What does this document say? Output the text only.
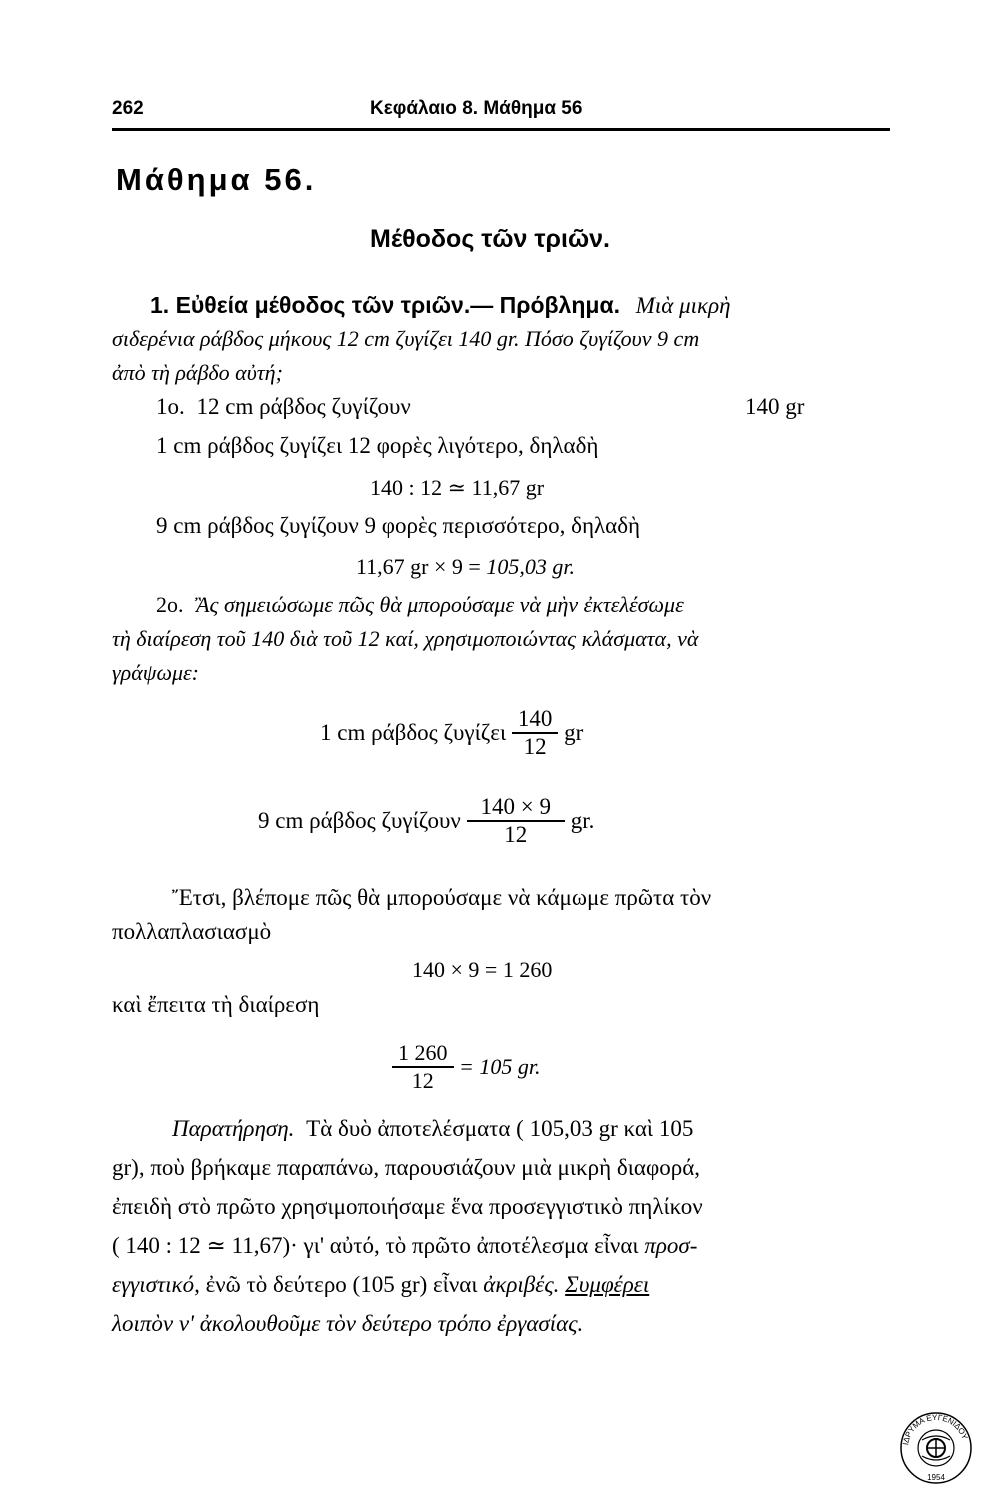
262	Κεφάλαιο 8. Μάθημα 56
Μάθημα 56.
Μέθοδος τῶν τριῶν.
1. Εὐθεία μέθοδος τῶν τριῶν.— Πρόβλημα. Μιὰ μικρὴ
σιδερένια ράβδος μήκους 12 cm ζυγίζει 140 gr. Πόσο ζυγίζουν 9 cm
ἀπὸ τὴ ράβδο αὐτή;
1ο. 12 cm ράβδος ζυγίζουν	140 gr
1 cm ράβδος ζυγίζει 12 φορὲς λιγότερο, δηλαδὴ
140 : 12 ≃ 11,67 gr
9 cm ράβδος ζυγίζουν 9 φορὲς περισσότερο, δηλαδὴ
11,67 gr × 9 = 105,03 gr.
2ο. Ἂς σημειώσωμε πῶς θὰ μπορούσαμε νὰ μὴν ἐκτελέσωμε
τὴ διαίρεση τοῦ 140 διὰ τοῦ 12 καί, χρησιμοποιώντας κλάσματα, νὰ
γράψωμε:
1 cm ράβδος ζυγίζει $\frac{140}{12}$ gr
9 cm ράβδος ζυγίζουν $\frac{140 \times 9}{12}$ gr.
Ἔτσι, βλέπομε πῶς θὰ μπορούσαμε νὰ κάμωμε πρῶτα τὸν
πολλαπλασιασμὸ
140 × 9 = 1 260
καὶ ἔπειτα τὴ διαίρεση
$\frac{1 260}{12} = 105$ gr.
Παρατήρηση. Τὰ δυὸ ἀποτελέσματα ( 105,03 gr καὶ 105
gr), ποὺ βρήκαμε παραπάνω, παρουσιάζουν μιὰ μικρὴ διαφορά,
ἐπειδὴ στὸ πρῶτο χρησιμοποιήσαμε ἕνα προσεγγιστικὸ πηλίκον
( 140 : 12 ≃ 11,67)· γι' αὐτό, τὸ πρῶτο ἀποτέλεσμα εἶναι προσ-
εγγιστικό, ἐνῶ τὸ δεύτερο (105 gr) εἶναι ἀκριβές. Συμφέρει
λοιπὸν ν' ἀκολουθοῦμε τὸν δεύτερο τρόπο ἐργασίας.
ΙΔΡΥΜΑ ΕΥΓΕΝΙΔΟΥ
1954
